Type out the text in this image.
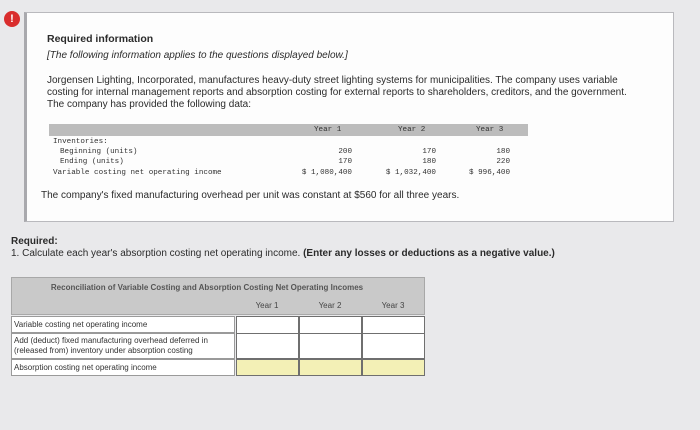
!
Required information
[The following information applies to the questions displayed below.]
Jorgensen Lighting, Incorporated, manufactures heavy-duty street lighting systems for municipalities. The company uses variable costing for internal management reports and absorption costing for external reports to shareholders, creditors, and the government. The company has provided the following data:
Year 1	Year 2	Year 3
Inventories:
Beginning (units)	200	170	180
Ending (units)	170	180	220
Variable costing net operating income	$ 1,080,400	$ 1,032,400	$ 996,400
The company's fixed manufacturing overhead per unit was constant at $560 for all three years.
Required:
1. Calculate each year's absorption costing net operating income. (Enter any losses or deductions as a negative value.)
Reconciliation of Variable Costing and Absorption Costing Net Operating Incomes
Year 1	Year 2	Year 3
Variable costing net operating income
Add (deduct) fixed manufacturing overhead deferred in (released from) inventory under absorption costing
Absorption costing net operating income
